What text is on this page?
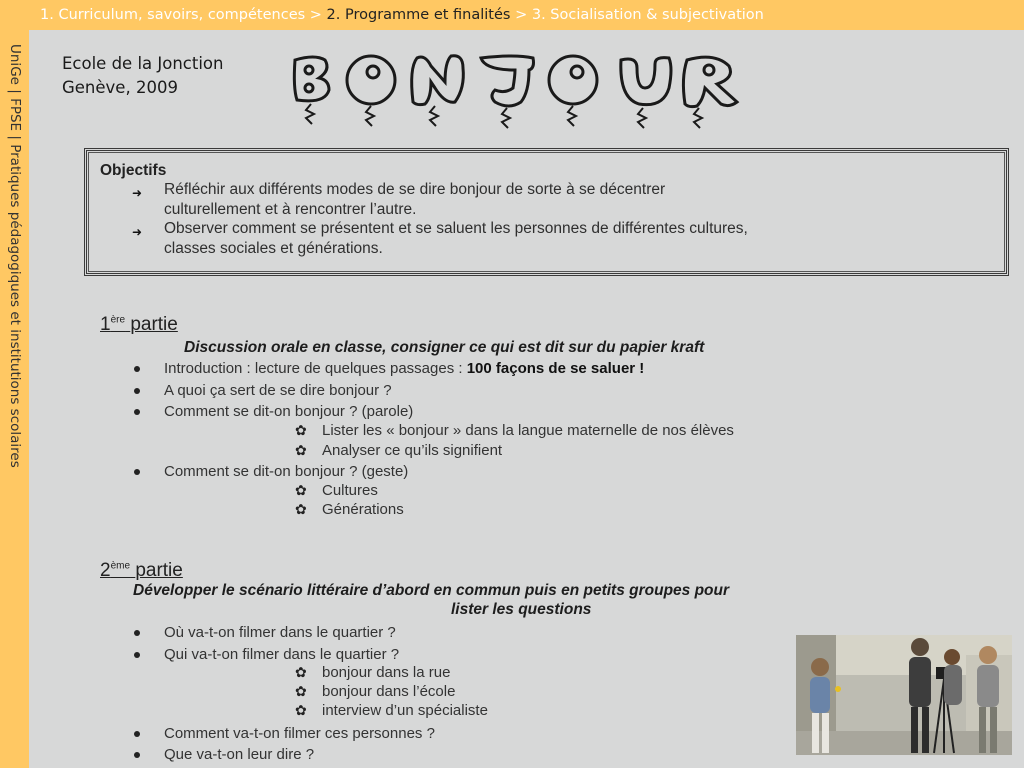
1. Curriculum, savoirs, compétences > 2. Programme et finalités > 3. Socialisation & subjectivation
UniGe | FPSE | Pratiques pédagogiques et institutions scolaires Ecole de la Jonction
Genève, 2009
Objectifs
➜ Réfléchir aux différents modes de se dire bonjour de sorte à se décentrer
culturellement et à rencontrer l’autre.
➜ Observer comment se présentent et se saluent les personnes de différentes cultures,
classes sociales et générations.
1ère partie
Discussion orale en classe, consigner ce qui est dit sur du papier kraft
Introduction : lecture de quelques passages : 100 façons de se saluer !
A quoi ça sert de se dire bonjour ?
Comment se dit-on bonjour ? (parole)
✿ Lister les « bonjour » dans la langue maternelle de nos élèves
✿ Analyser ce qu’ils signifient
Comment se dit-on bonjour ? (geste)
✿ Cultures
✿ Générations
2ème partie
Développer le scénario littéraire d’abord en commun puis en petits groupes pour
lister les questions
Où va-t-on filmer dans le quartier ?
Qui va-t-on filmer dans le quartier ?
✿ bonjour dans la rue
✿ bonjour dans l’école
✿ interview d’un spécialiste
Comment va-t-on filmer ces personnes ?
Que va-t-on leur dire ?
